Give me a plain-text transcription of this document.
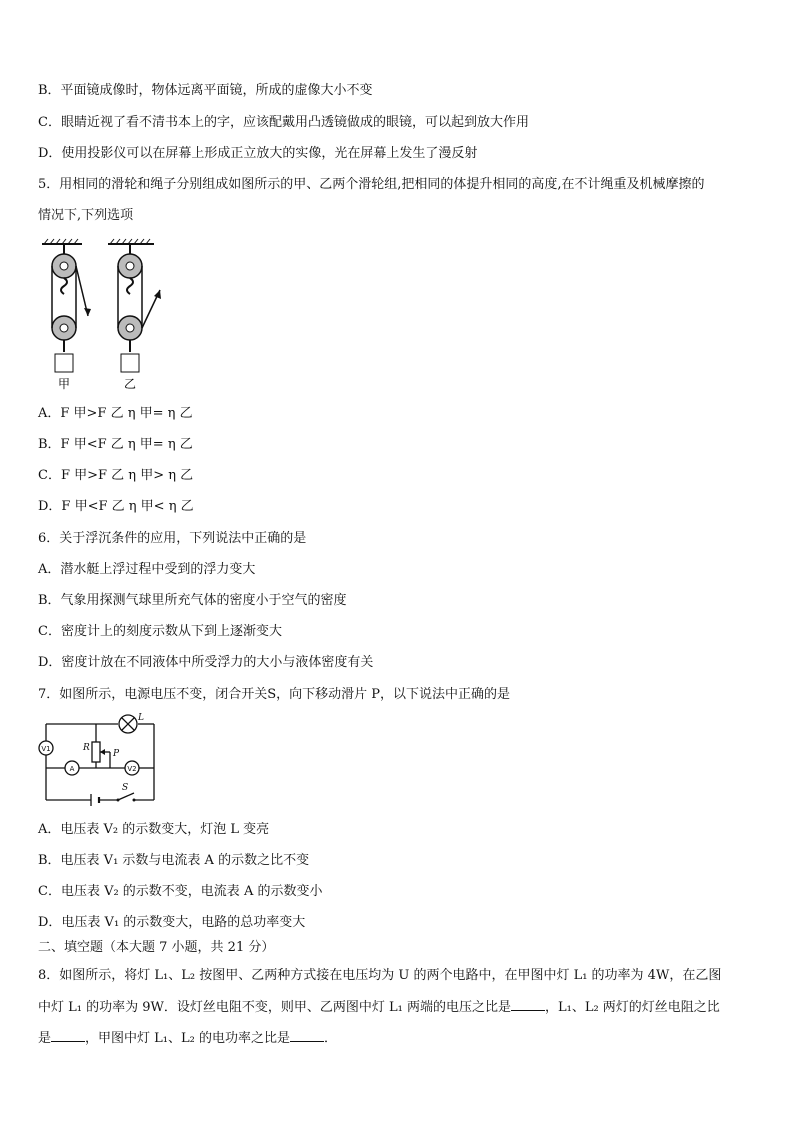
B．平面镜成像时，物体远离平面镜，所成的虚像大小不变
C．眼睛近视了看不清书本上的字，应该配戴用凸透镜做成的眼镜，可以起到放大作用
D．使用投影仪可以在屏幕上形成正立放大的实像，光在屏幕上发生了漫反射
5．用相同的滑轮和绳子分别组成如图所示的甲、乙两个滑轮组,把相同的体提升相同的高度,在不计绳重及机械摩擦的
情况下,下列选项
甲	乙
A．F 甲>F 乙 η 甲= η 乙
B．F 甲<F 乙 η 甲= η 乙
C．F 甲>F 乙 η 甲> η 乙
D．F 甲<F 乙 η 甲< η 乙
6．关于浮沉条件的应用，下列说法中正确的是
A．潜水艇上浮过程中受到的浮力变大
B．气象用探测气球里所充气体的密度小于空气的密度
C．密度计上的刻度示数从下到上逐渐变大
D．密度计放在不同液体中所受浮力的大小与液体密度有关
7．如图所示，电源电压不变，闭合开关S，向下移动滑片 P，以下说法中正确的是
L
R
P
S
V1
A	V2
A．电压表 V₂ 的示数变大，灯泡 L 变亮
B．电压表 V₁ 示数与电流表 A 的示数之比不变
C．电压表 V₂ 的示数不变，电流表 A 的示数变小
D．电压表 V₁ 的示数变大，电路的总功率变大
二、填空题（本大题 7 小题，共 21 分）
8．如图所示，将灯 L₁、L₂ 按图甲、乙两种方式接在电压均为 U 的两个电路中，在甲图中灯 L₁ 的功率为 4W，在乙图
中灯 L₁ 的功率为 9W．设灯丝电阻不变，则甲、乙两图中灯 L₁ 两端的电压之比是	，L₁、L₂ 两灯的灯丝电阻之比
是	，甲图中灯 L₁、L₂ 的电功率之比是	．
